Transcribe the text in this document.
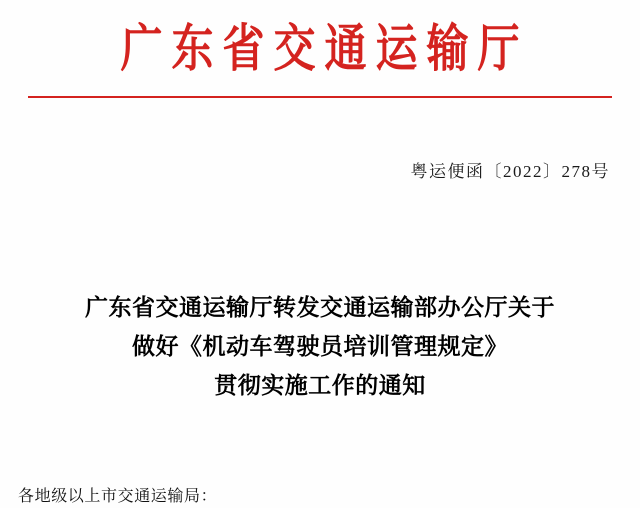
广东省交通运输厅
粤运便函〔2022〕278号
广东省交通运输厅转发交通运输部办公厅关于
做好《机动车驾驶员培训管理规定》
贯彻实施工作的通知
各地级以上市交通运输局：
